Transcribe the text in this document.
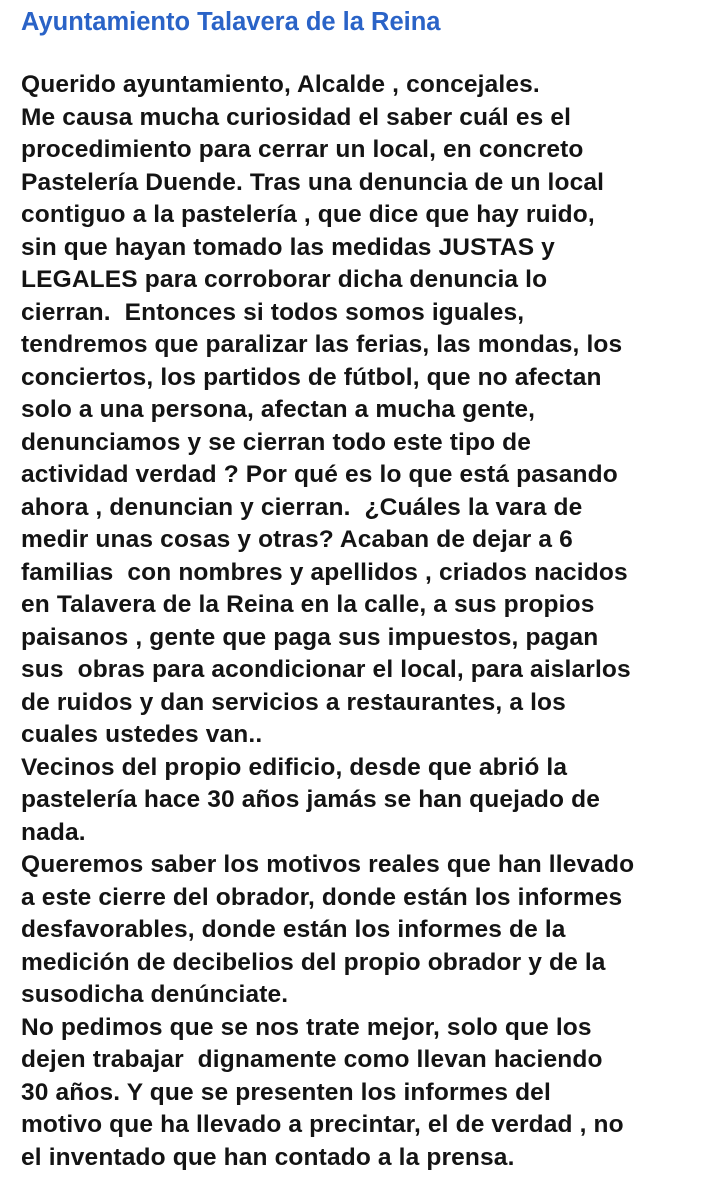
Ayuntamiento Talavera de la Reina
Querido ayuntamiento, Alcalde , concejales.
Me causa mucha curiosidad el saber cuál es el
procedimiento para cerrar un local, en concreto
Pastelería Duende. Tras una denuncia de un local
contiguo a la pastelería , que dice que hay ruido,
sin que hayan tomado las medidas JUSTAS y
LEGALES para corroborar dicha denuncia lo
cierran.  Entonces si todos somos iguales,
tendremos que paralizar las ferias, las mondas, los
conciertos, los partidos de fútbol, que no afectan
solo a una persona, afectan a mucha gente,
denunciamos y se cierran todo este tipo de
actividad verdad ? Por qué es lo que está pasando
ahora , denuncian y cierran.  ¿Cuáles la vara de
medir unas cosas y otras? Acaban de dejar a 6
familias  con nombres y apellidos , criados nacidos
en Talavera de la Reina en la calle, a sus propios
paisanos , gente que paga sus impuestos, pagan
sus  obras para acondicionar el local, para aislarlos
de ruidos y dan servicios a restaurantes, a los
cuales ustedes van..
Vecinos del propio edificio, desde que abrió la
pastelería hace 30 años jamás se han quejado de
nada.
Queremos saber los motivos reales que han llevado
a este cierre del obrador, donde están los informes
desfavorables, donde están los informes de la
medición de decibelios del propio obrador y de la
susodicha denúnciate.
No pedimos que se nos trate mejor, solo que los
dejen trabajar  dignamente como llevan haciendo
30 años. Y que se presenten los informes del
motivo que ha llevado a precintar, el de verdad , no
el inventado que han contado a la prensa.
